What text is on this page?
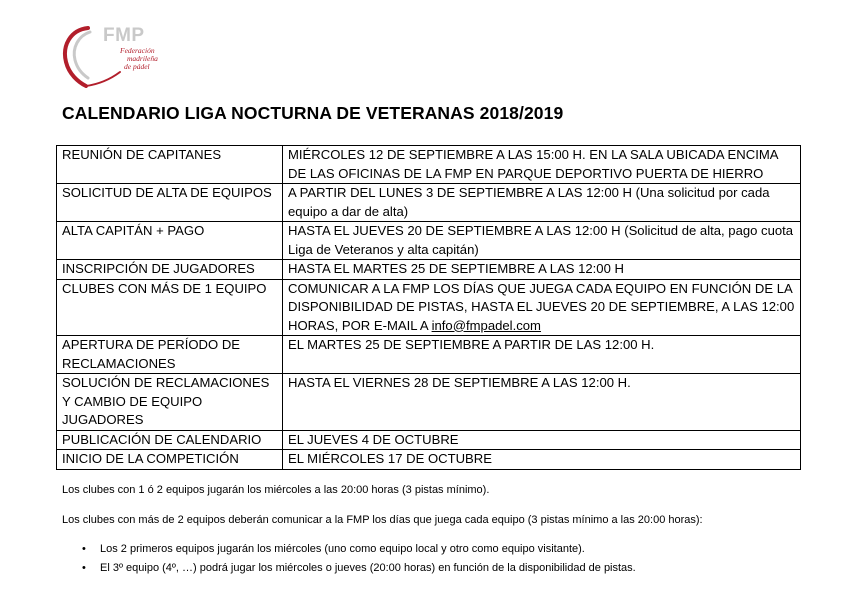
FMP
Federación
madrileña
de pádel
CALENDARIO LIGA NOCTURNA DE VETERANAS 2018/2019
REUNIÓN DE CAPITANES	MIÉRCOLES 12 DE SEPTIEMBRE A LAS 15:00 H. EN LA SALA UBICADA ENCIMA DE LAS OFICINAS DE LA FMP EN PARQUE DEPORTIVO PUERTA DE HIERRO
SOLICITUD DE ALTA DE EQUIPOS	A PARTIR DEL LUNES 3 DE SEPTIEMBRE A LAS 12:00 H (Una solicitud por cada equipo a dar de alta)
ALTA CAPITÁN + PAGO	HASTA EL JUEVES 20 DE SEPTIEMBRE A LAS 12:00 H (Solicitud de alta, pago cuota Liga de Veteranos y alta capitán)
INSCRIPCIÓN DE JUGADORES	HASTA EL MARTES 25 DE SEPTIEMBRE A LAS 12:00 H
CLUBES CON MÁS DE 1 EQUIPO	COMUNICAR A LA FMP LOS DÍAS QUE JUEGA CADA EQUIPO EN FUNCIÓN DE LA DISPONIBILIDAD DE PISTAS, HASTA EL JUEVES 20 DE SEPTIEMBRE, A LAS 12:00 HORAS, POR E-MAIL A info@fmpadel.com
APERTURA DE PERÍODO DE RECLAMACIONES	EL MARTES 25 DE SEPTIEMBRE A PARTIR DE LAS 12:00 H.
SOLUCIÓN DE RECLAMACIONES Y CAMBIO DE EQUIPO JUGADORES	HASTA EL VIERNES 28 DE SEPTIEMBRE A LAS 12:00 H.
PUBLICACIÓN DE CALENDARIO	EL JUEVES 4 DE OCTUBRE
INICIO DE LA COMPETICIÓN	EL MIÉRCOLES 17 DE OCTUBRE

Los clubes con 1 ó 2 equipos jugarán los miércoles a las 20:00 horas (3 pistas mínimo).

Los clubes con más de 2 equipos deberán comunicar a la FMP los días que juega cada equipo (3 pistas mínimo a las 20:00 horas):

• Los 2 primeros equipos jugarán los miércoles (uno como equipo local y otro como equipo visitante).
• El 3º equipo (4º, …) podrá jugar los miércoles o jueves (20:00 horas) en función de la disponibilidad de pistas.
